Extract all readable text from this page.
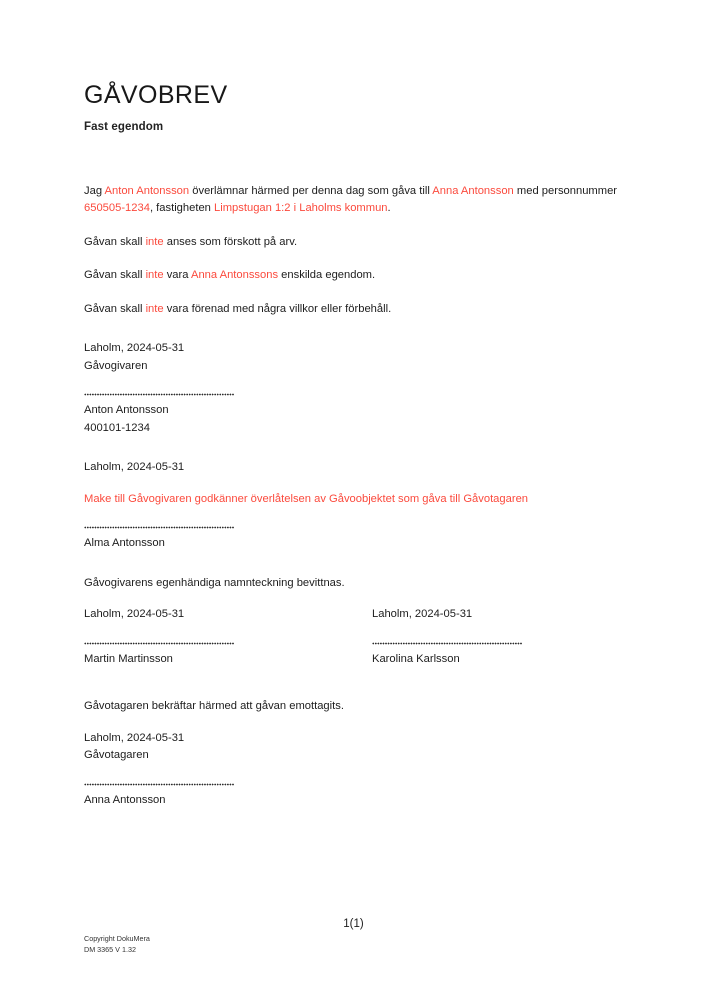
GÅVOBREV
Fast egendom

Jag Anton Antonsson överlämnar härmed per denna dag som gåva till Anna Antonsson med personnummer 650505-1234, fastigheten Limpstugan 1:2 i Laholms kommun.

Gåvan skall inte anses som förskott på arv.

Gåvan skall inte vara Anna Antonssons enskilda egendom.

Gåvan skall inte vara förenad med några villkor eller förbehåll.

Laholm, 2024-05-31
Gåvogivaren
Anton Antonsson
400101-1234
Laholm, 2024-05-31
Make till Gåvogivaren godkänner överlåtelsen av Gåvoobjektet som gåva till Gåvotagaren
Alma Antonsson
Gåvogivarens egenhändiga namnteckning bevittnas.
Laholm, 2024-05-31
Martin Martinsson
Laholm, 2024-05-31
Karolina Karlsson
Gåvotagaren bekräftar härmed att gåvan emottagits.
Laholm, 2024-05-31
Gåvotagaren
Anna Antonsson
1(1)
Copyright DokuMera
DM 3365 V 1.32
